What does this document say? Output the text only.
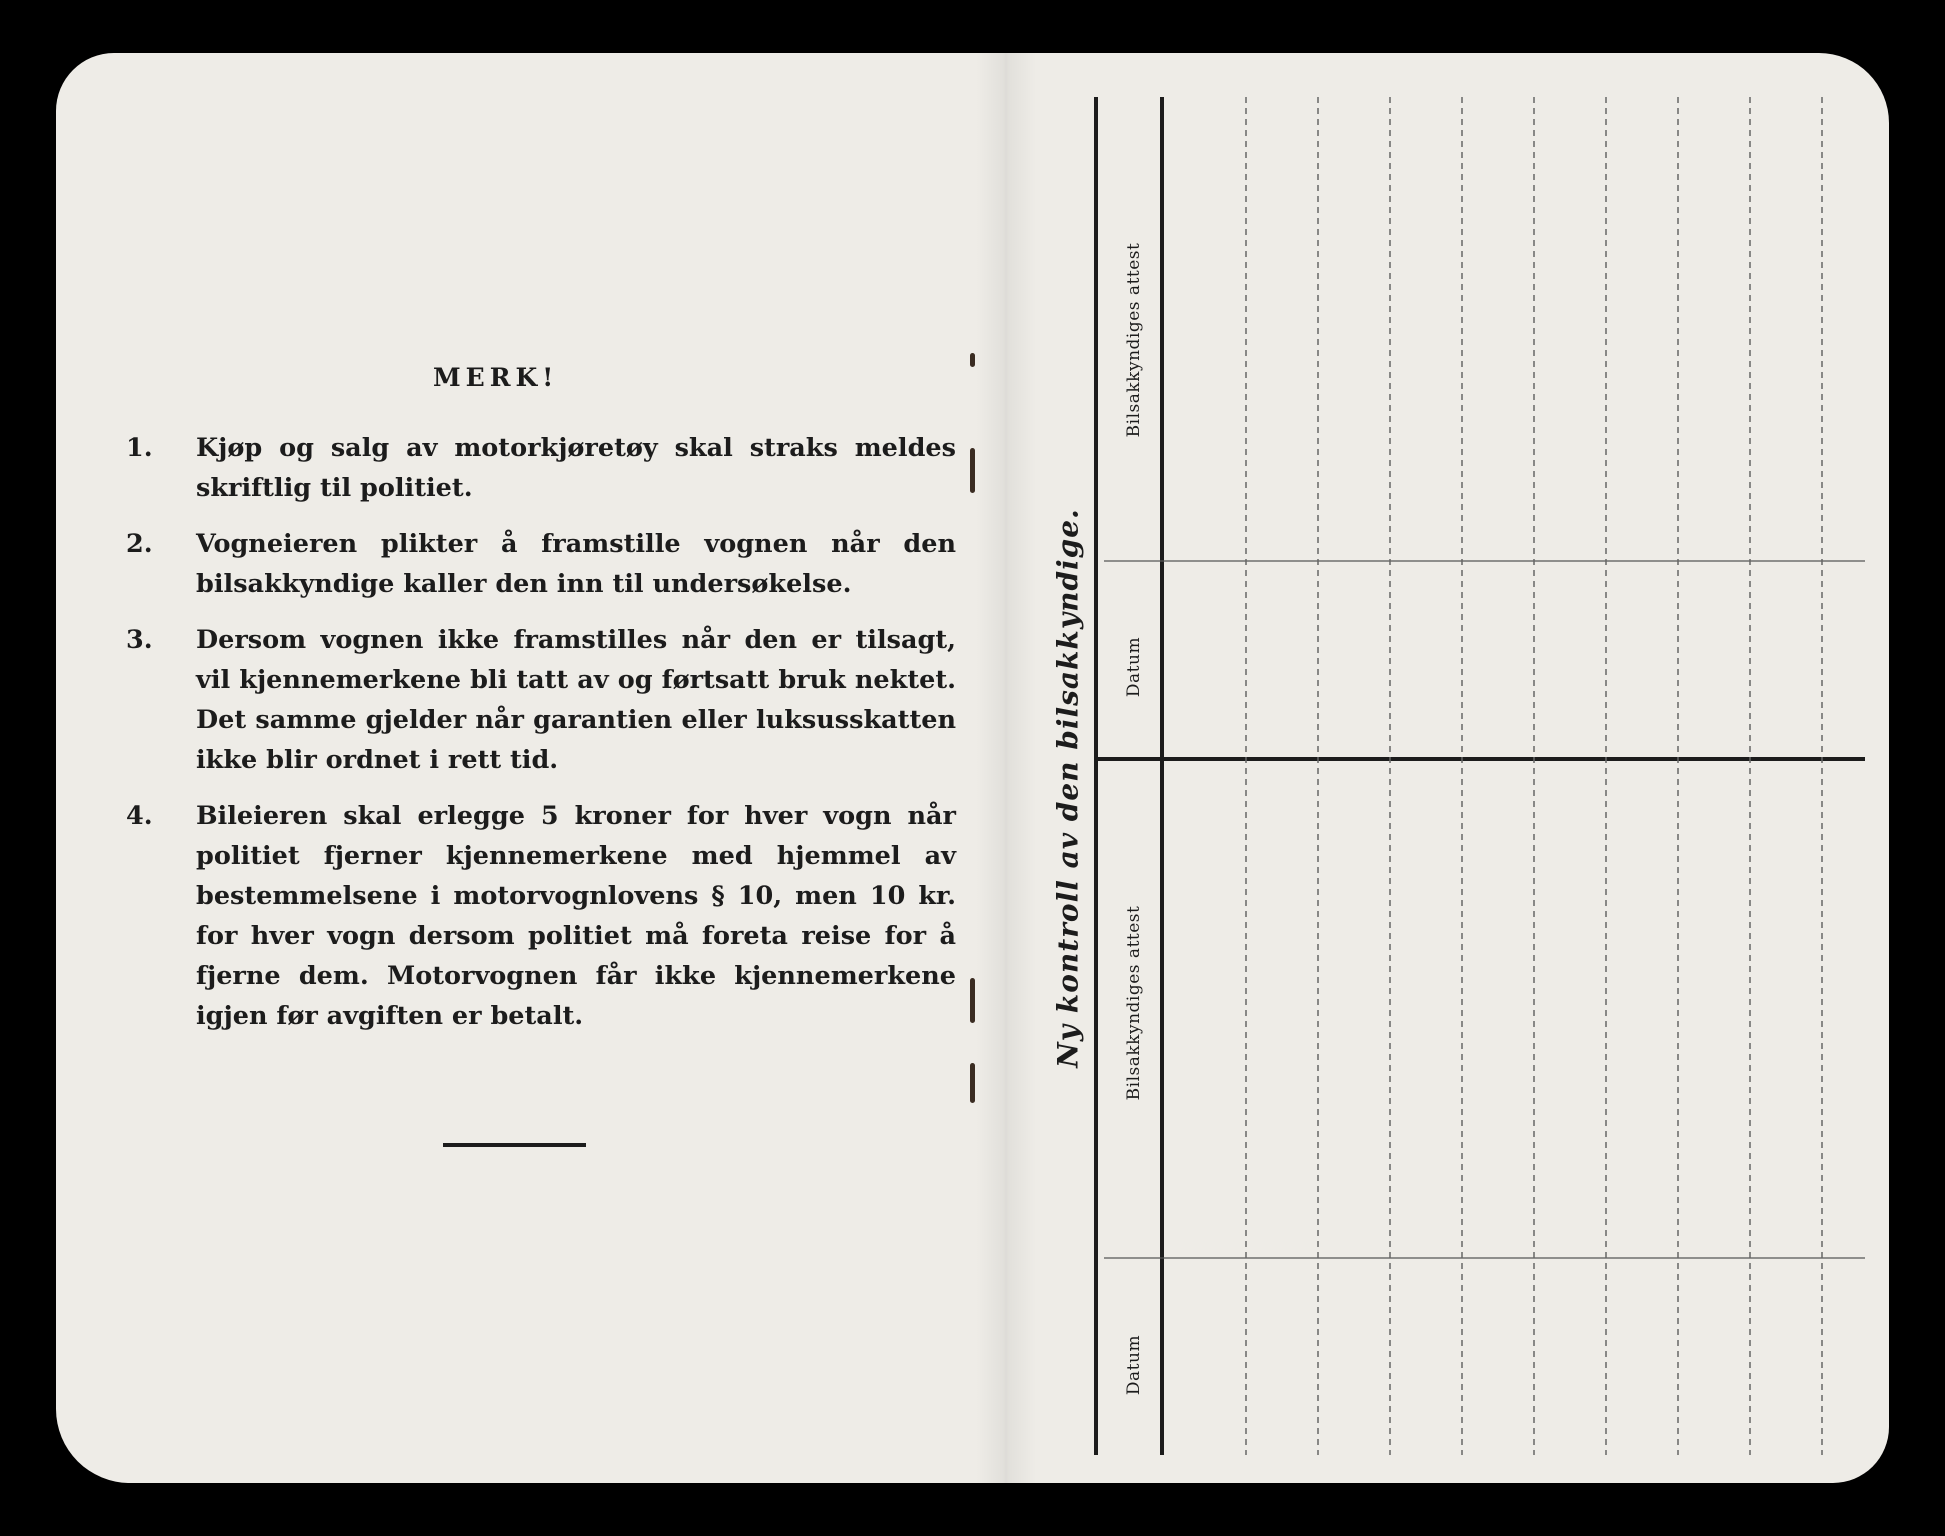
MERK!
1. Kjøp og salg av motorkjøretøy skal straks meldes skriftlig til politiet.
2. Vogneieren plikter å framstille vognen når den bilsakkyndige kaller den inn til undersøkelse.
3. Dersom vognen ikke framstilles når den er tilsagt, vil kjennemerkene bli tatt av og førtsatt bruk nektet. Det samme gjelder når garantien eller luksusskatten ikke blir ordnet i rett tid.
4. Bileieren skal erlegge 5 kroner for hver vogn når politiet fjerner kjennemerkene med hjemmel av bestemmelsene i motorvognlovens § 10, men 10 kr. for hver vogn dersom politiet må foreta reise for å fjerne dem. Motorvognen får ikke kjennemerkene igjen før avgiften er betalt.	Ny kontroll av den bilsakkyndige.
Bilsakkyndiges attest
Datum
Bilsakkyndiges attest
Datum
